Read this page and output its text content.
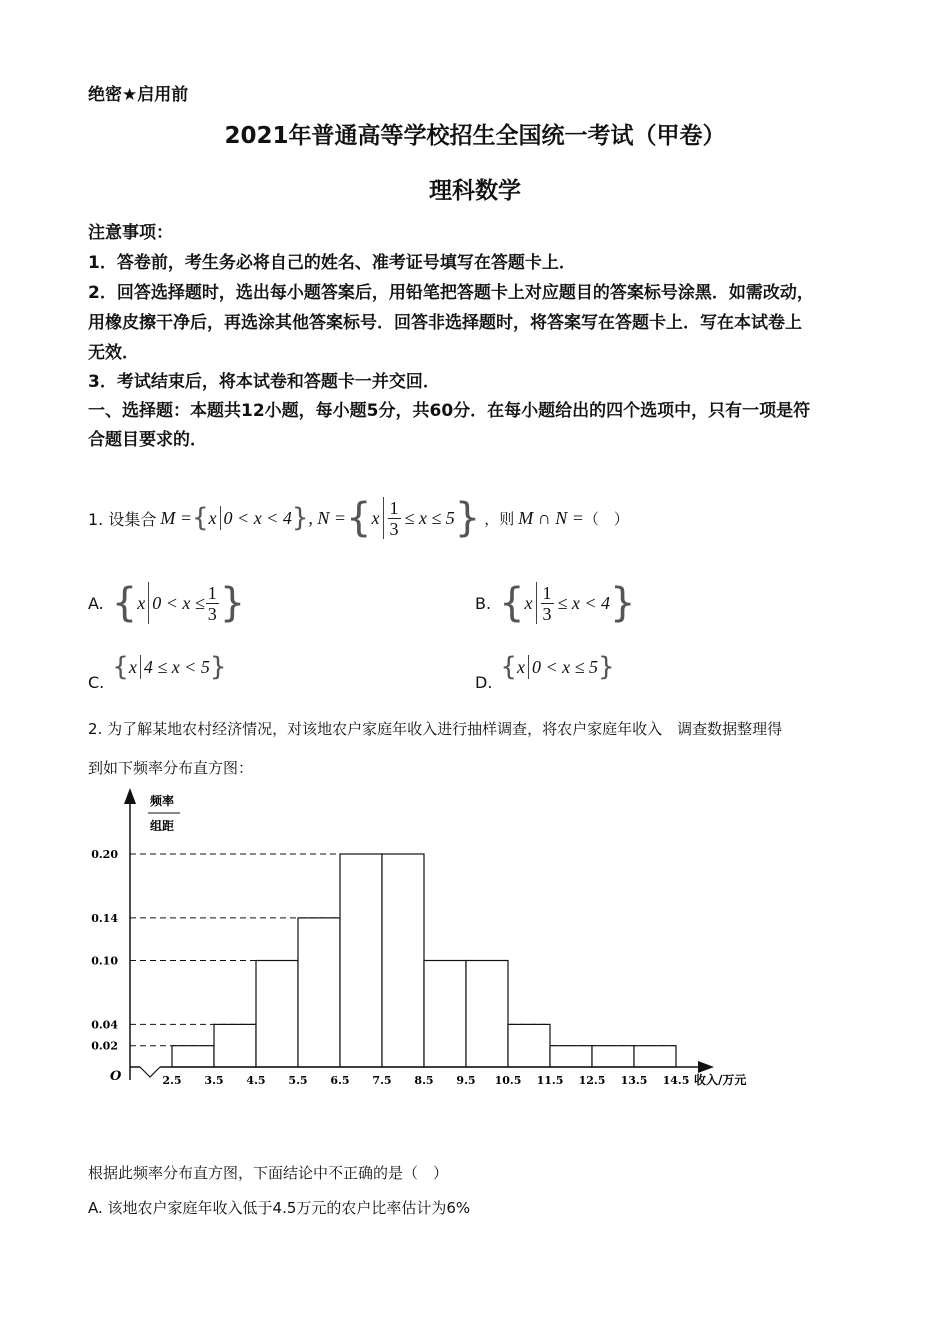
绝密★启用前
2021年普通高等学校招生全国统一考试（甲卷）
理科数学
注意事项：
1．答卷前，考生务必将自己的姓名、准考证号填写在答题卡上．
2．回答选择题时，选出每小题答案后，用铅笔把答题卡上对应题目的答案标号涂黑．如需改动，
用橡皮擦干净后，再选涂其他答案标号．回答非选择题时，将答案写在答题卡上．写在本试卷上
无效．
3．考试结束后，将本试卷和答题卡一并交回．
一、选择题：本题共12小题，每小题5分，共60分．在每小题给出的四个选项中，只有一项是符
合题目要求的．
1. 设集合 M = { x 0 < x < 4 } , N = { x $\frac{1}{3} \le x \le 5$ } ，则 M ∩ N = （　）
A. { x $0 < x \le \frac{1}{3}$ }	B. { x $\frac{1}{3} \le x < 4$ }
C.
{ x 4 ≤ x < 5 }
D.
{ x 0 < x ≤ 5 }
2. 为了解某地农村经济情况，对该地农户家庭年收入进行抽样调查，将农户家庭年收入　调查数据整理得
到如下频率分布直方图：
频率
组距
O	收入/万元
0.20
0.14
0.10
0.04
0.02
2.5 3.5 4.5 5.5 6.5 7.5 8.5 9.5 10.5 11.5 12.5 13.5 14.5
根据此频率分布直方图，下面结论中不正确的是（　）
A. 该地农户家庭年收入低于4.5万元的农户比率估计为6%
